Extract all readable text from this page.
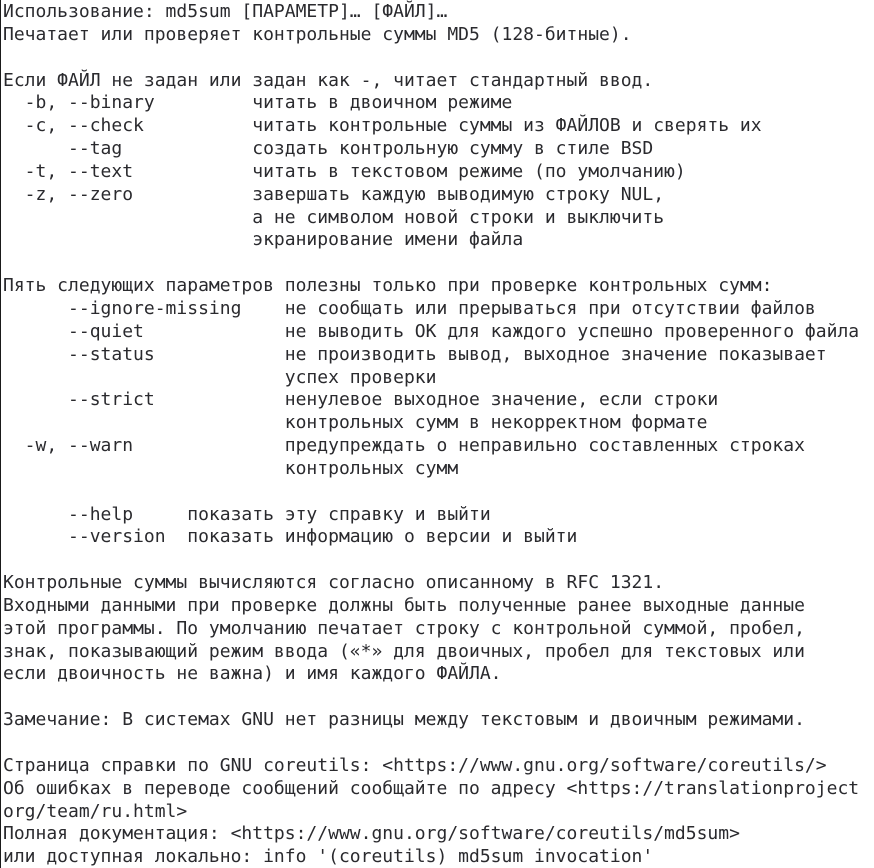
Использование: md5sum [ПАРАМЕТР]… [ФАЙЛ]…
Печатает или проверяет контрольные суммы MD5 (128-битные).
Если ФАЙЛ не задан или задан как -, читает стандартный ввод.
-b, --binary         читать в двоичном режиме
-c, --check          читать контрольные суммы из ФАЙЛОВ и сверять их
--tag            создать контрольную сумму в стиле BSD
-t, --text           читать в текстовом режиме (по умолчанию)
-z, --zero           завершать каждую выводимую строку NUL,
а не символом новой строки и выключить
экранирование имени файла
Пять следующих параметров полезны только при проверке контрольных сумм:
--ignore-missing    не сообщать или прерываться при отсутствии файлов
--quiet             не выводить OK для каждого успешно проверенного файла
--status            не производить вывод, выходное значение показывает
успех проверки
--strict            ненулевое выходное значение, если строки
контрольных сумм в некорректном формате
-w, --warn              предупреждать о неправильно составленных строках
контрольных сумм
--help     показать эту справку и выйти
--version  показать информацию о версии и выйти
Контрольные суммы вычисляются согласно описанному в RFC 1321.
Входными данными при проверке должны быть полученные ранее выходные данные
этой программы. По умолчанию печатает строку с контрольной суммой, пробел,
знак, показывающий режим ввода («*» для двоичных, пробел для текстовых или
если двоичность не важна) и имя каждого ФАЙЛА.
Замечание: В системах GNU нет разницы между текстовым и двоичным режимами.
Страница справки по GNU coreutils: <https://www.gnu.org/software/coreutils/>
Об ошибках в переводе сообщений сообщайте по адресу <https://translationproject
org/team/ru.html>
Полная документация: <https://www.gnu.org/software/coreutils/md5sum>
или доступная локально: info '(coreutils) md5sum invocation'
